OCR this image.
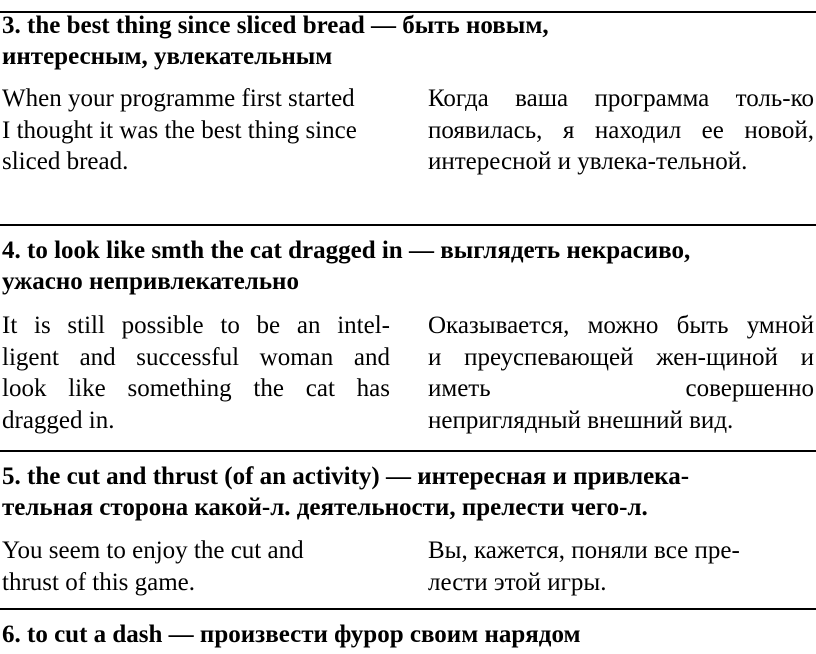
3. the best thing since sliced bread — быть новым,
интересным, увлекательным
When your programme first started
I thought it was the best thing since
sliced bread.
Когда ваша программа толь-ко
появилась, я находил ее новой,
интересной и увлека-тельной.
4. to look like smth the cat dragged in — выглядеть некрасиво,
ужасно непривлекательно
It is still possible to be an intel-
ligent and successful woman and
look like something the cat has
dragged in.
Оказывается, можно быть умной
и преуспевающей жен-щиной и
иметь совершенно
неприглядный внешний вид.
5. the cut and thrust (of an activity) — интересная и привлека-
тельная сторона какой-л. деятельности, прелести чего-л.
You seem to enjoy the cut and
thrust of this game.
Вы, кажется, поняли все пре-
лести этой игры.
6. to cut a dash — произвести фурор своим нарядом
